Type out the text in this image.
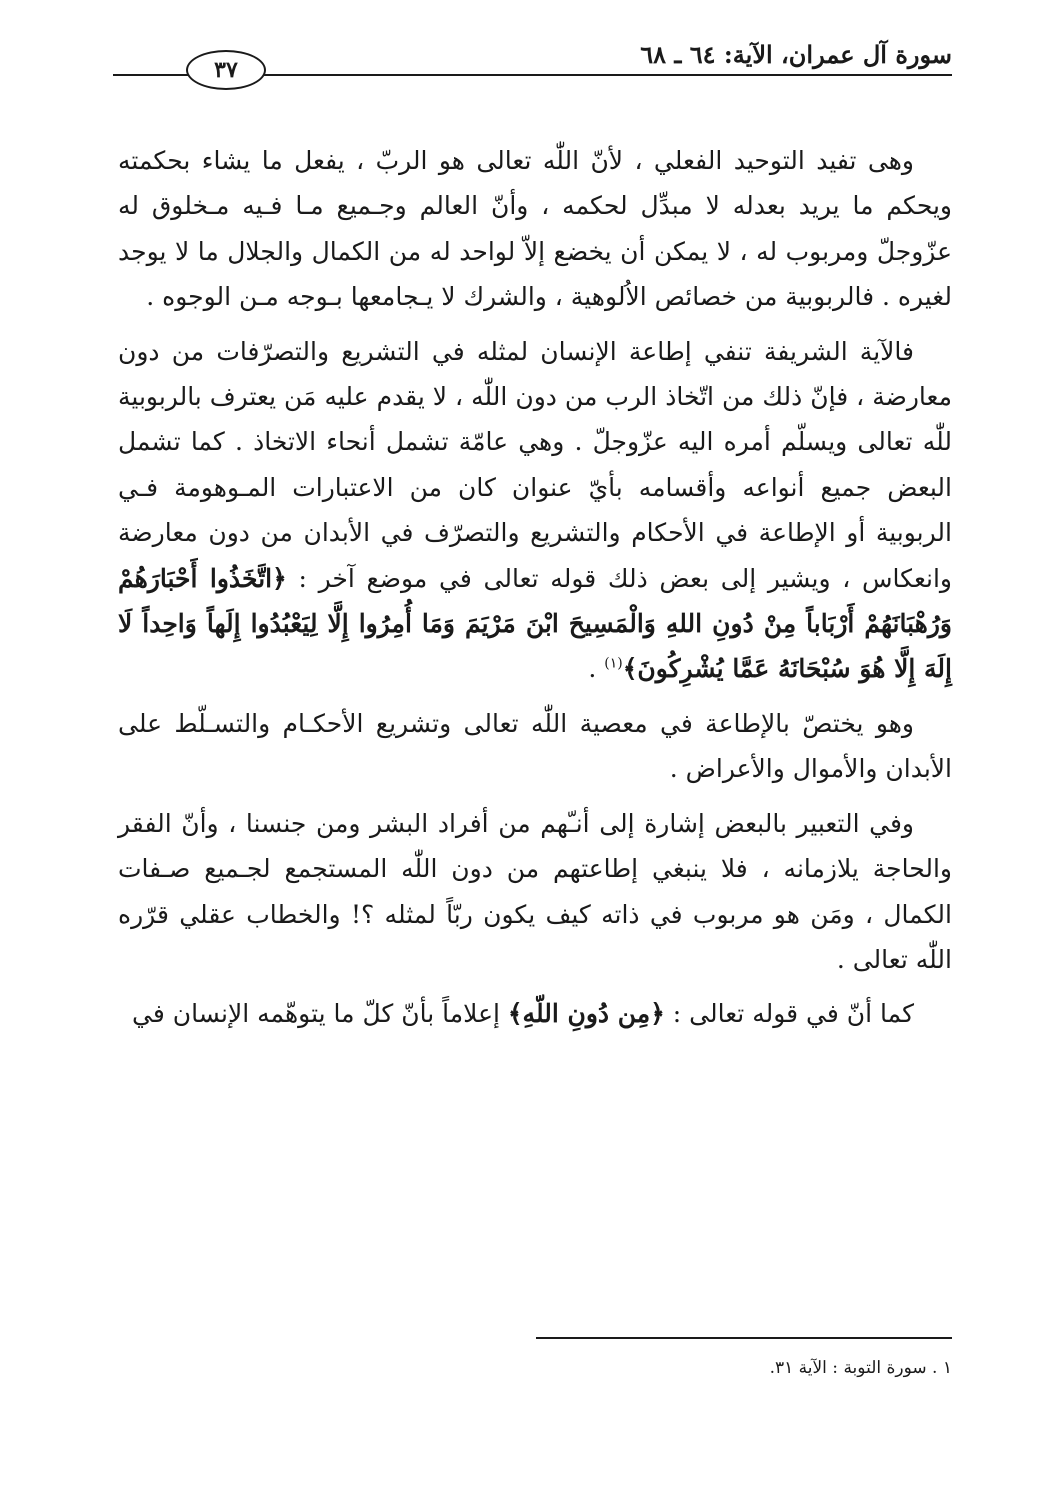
سورة آل عمران، الآية: ٦٤ ـ ٦٨
٣٧

وهى تفيد التوحيد الفعلي ، لأنّ اللّٰه تعالى هو الربّ ، يفعل ما يشاء بحكمته ويحكم ما يريد بعدله لا مبدِّل لحكمه ، وأنّ العالم وجـميع مـا فـيه مـخلوق له عزّوجلّ ومربوب له ، لا يمكن أن يخضع إلاّ لواحد له من الكمال والجلال ما لا يوجد لغيره . فالربوبية من خصائص الاُلوهية ، والشرك لا يـجامعها بـوجه مـن الوجوه .

فالآية الشريفة تنفي إطاعة الإنسان لمثله في التشريع والتصرّفات من دون معارضة ، فإنّ ذلك من اتّخاذ الرب من دون اللّٰه ، لا يقدم عليه مَن يعترف بالربوبية للّٰه تعالى ويسلّم أمره اليه عزّوجلّ . وهي عامّة تشمل أنحاء الاتخاذ . كما تشمل البعض جميع أنواعه وأقسامه بأيّ عنوان كان من الاعتبارات المـوهومة فـي الربوبية أو الإطاعة في الأحكام والتشريع والتصرّف في الأبدان من دون معارضة وانعكاس ، ويشير إلى بعض ذلك قوله تعالى في موضع آخر : ﴿اتَّخَذُوا أَحْبَارَهُمْ وَرُهْبَانَهُمْ أَرْبَاباً مِنْ دُونِ اللهِ وَالْمَسِيحَ ابْنَ مَرْيَمَ وَمَا أُمِرُوا إِلَّا لِيَعْبُدُوا إِلَهاً وَاحِداً لَا إِلَهَ إِلَّا هُوَ سُبْحَانَهُ عَمَّا يُشْرِكُونَ﴾$^{(١)}$ .

وهو يختصّ بالإطاعة في معصية اللّٰه تعالى وتشريع الأحكـام والتسـلّط على الأبدان والأموال والأعراض .

وفي التعبير بالبعض إشارة إلى أنـّهم من أفراد البشر ومن جنسنا ، وأنّ الفقر والحاجة يلازمانه ، فلا ينبغي إطاعتهم من دون اللّٰه المستجمع لجـميع صـفات الكمال ، ومَن هو مربوب في ذاته كيف يكون ربّاً لمثله ؟! والخطاب عقلي قرّره اللّٰه تعالى .

كما أنّ في قوله تعالى : ﴿مِن دُونِ اللّهِ﴾ إعلاماً بأنّ كلّ ما يتوهّمه الإنسان في

١ . سورة التوبة : الآية ٣١.
